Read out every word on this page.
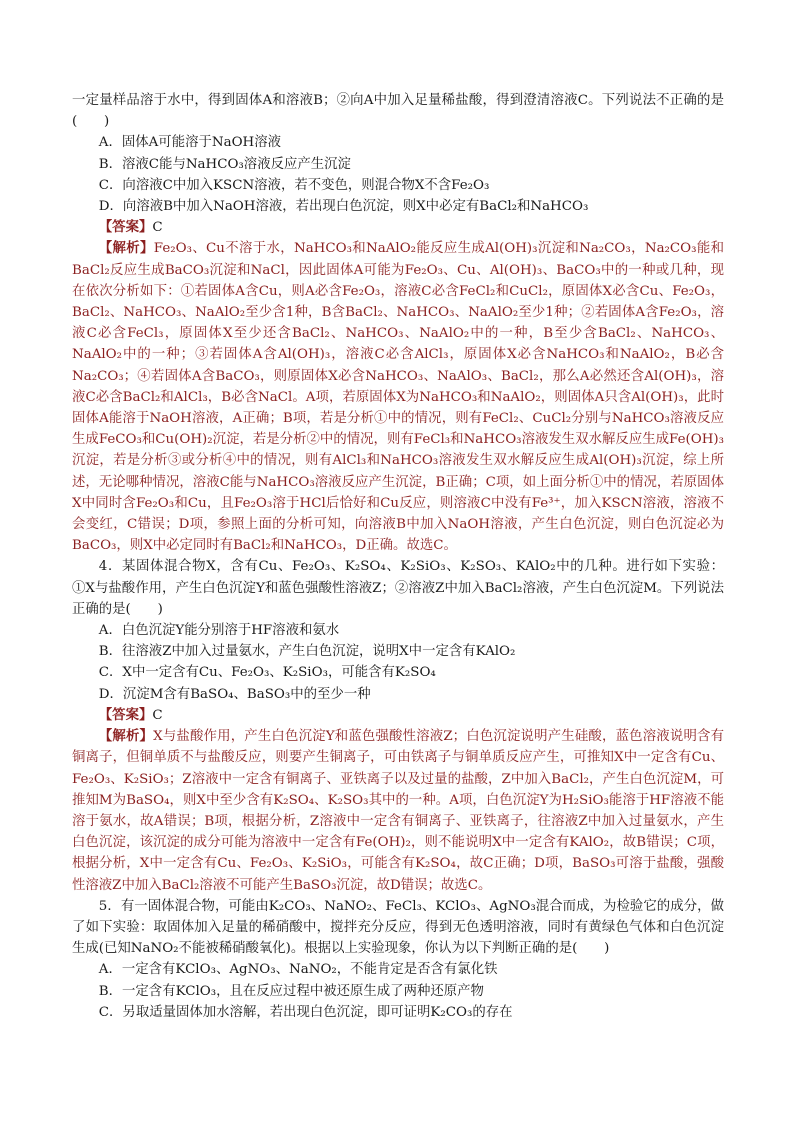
一定量样品溶于水中，得到固体A和溶液B；②向A中加入足量稀盐酸，得到澄清溶液C。下列说法不正确的是(　　)

A．固体A可能溶于NaOH溶液

B．溶液C能与NaHCO₃溶液反应产生沉淀

C．向溶液C中加入KSCN溶液，若不变色，则混合物X不含Fe₂O₃

D．向溶液B中加入NaOH溶液，若出现白色沉淀，则X中必定有BaCl₂和NaHCO₃

【答案】C

【解析】Fe₂O₃、Cu不溶于水，NaHCO₃和NaAlO₂能反应生成Al(OH)₃沉淀和Na₂CO₃，Na₂CO₃能和BaCl₂反应生成BaCO₃沉淀和NaCl，因此固体A可能为Fe₂O₃、Cu、Al(OH)₃、BaCO₃中的一种或几种，现在依次分析如下：①若固体A含Cu，则A必含Fe₂O₃，溶液C必含FeCl₂和CuCl₂，原固体X必含Cu、Fe₂O₃，BaCl₂、NaHCO₃、NaAlO₂至少含1种，B含BaCl₂、NaHCO₃、NaAlO₂至少1种；②若固体A含Fe₂O₃，溶液C必含FeCl₃，原固体X至少还含BaCl₂、NaHCO₃、NaAlO₂中的一种，B至少含BaCl₂、NaHCO₃、NaAlO₂中的一种；③若固体A含Al(OH)₃，溶液C必含AlCl₃，原固体X必含NaHCO₃和NaAlO₂，B必含Na₂CO₃；④若固体A含BaCO₃，则原固体X必含NaHCO₃、NaAlO₃、BaCl₂，那么A必然还含Al(OH)₃，溶液C必含BaCl₂和AlCl₃，B必含NaCl。A项，若原固体X为NaHCO₃和NaAlO₂，则固体A只含Al(OH)₃，此时固体A能溶于NaOH溶液，A正确；B项，若是分析①中的情况，则有FeCl₂、CuCl₂分别与NaHCO₃溶液反应生成FeCO₃和Cu(OH)₂沉淀，若是分析②中的情况，则有FeCl₃和NaHCO₃溶液发生双水解反应生成Fe(OH)₃沉淀，若是分析③或分析④中的情况，则有AlCl₃和NaHCO₃溶液发生双水解反应生成Al(OH)₃沉淀，综上所述，无论哪种情况，溶液C能与NaHCO₃溶液反应产生沉淀，B正确；C项，如上面分析①中的情况，若原固体X中同时含Fe₂O₃和Cu，且Fe₂O₃溶于HCl后恰好和Cu反应，则溶液C中没有Fe³⁺，加入KSCN溶液，溶液不会变红，C错误；D项，参照上面的分析可知，向溶液B中加入NaOH溶液，产生白色沉淀，则白色沉淀必为BaCO₃，则X中必定同时有BaCl₂和NaHCO₃，D正确。故选C。

4．某固体混合物X，含有Cu、Fe₂O₃、K₂SO₄、K₂SiO₃、K₂SO₃、KAlO₂中的几种。进行如下实验：①X与盐酸作用，产生白色沉淀Y和蓝色强酸性溶液Z；②溶液Z中加入BaCl₂溶液，产生白色沉淀M。下列说法正确的是(　　)

A．白色沉淀Y能分别溶于HF溶液和氨水

B．往溶液Z中加入过量氨水，产生白色沉淀，说明X中一定含有KAlO₂

C．X中一定含有Cu、Fe₂O₃、K₂SiO₃，可能含有K₂SO₄

D．沉淀M含有BaSO₄、BaSO₃中的至少一种

【答案】C

【解析】X与盐酸作用，产生白色沉淀Y和蓝色强酸性溶液Z；白色沉淀说明产生硅酸，蓝色溶液说明含有铜离子，但铜单质不与盐酸反应，则要产生铜离子，可由铁离子与铜单质反应产生，可推知X中一定含有Cu、Fe₂O₃、K₂SiO₃；Z溶液中一定含有铜离子、亚铁离子以及过量的盐酸，Z中加入BaCl₂，产生白色沉淀M，可推知M为BaSO₄，则X中至少含有K₂SO₄、K₂SO₃其中的一种。A项，白色沉淀Y为H₂SiO₃能溶于HF溶液不能溶于氨水，故A错误；B项，根据分析，Z溶液中一定含有铜离子、亚铁离子，往溶液Z中加入过量氨水，产生白色沉淀，该沉淀的成分可能为溶液中一定含有Fe(OH)₂，则不能说明X中一定含有KAlO₂，故B错误；C项，根据分析，X中一定含有Cu、Fe₂O₃、K₂SiO₃，可能含有K₂SO₄，故C正确；D项，BaSO₃可溶于盐酸，强酸性溶液Z中加入BaCl₂溶液不可能产生BaSO₃沉淀，故D错误；故选C。

5．有一固体混合物，可能由K₂CO₃、NaNO₂、FeCl₃、KClO₃、AgNO₃混合而成，为检验它的成分，做了如下实验：取固体加入足量的稀硝酸中，搅拌充分反应，得到无色透明溶液，同时有黄绿色气体和白色沉淀生成(已知NaNO₂不能被稀硝酸氧化)。根据以上实验现象，你认为以下判断正确的是(　　)

A．一定含有KClO₃、AgNO₃、NaNO₂，不能肯定是否含有氯化铁

B．一定含有KClO₃，且在反应过程中被还原生成了两种还原产物

C．另取适量固体加水溶解，若出现白色沉淀，即可证明K₂CO₃的存在
